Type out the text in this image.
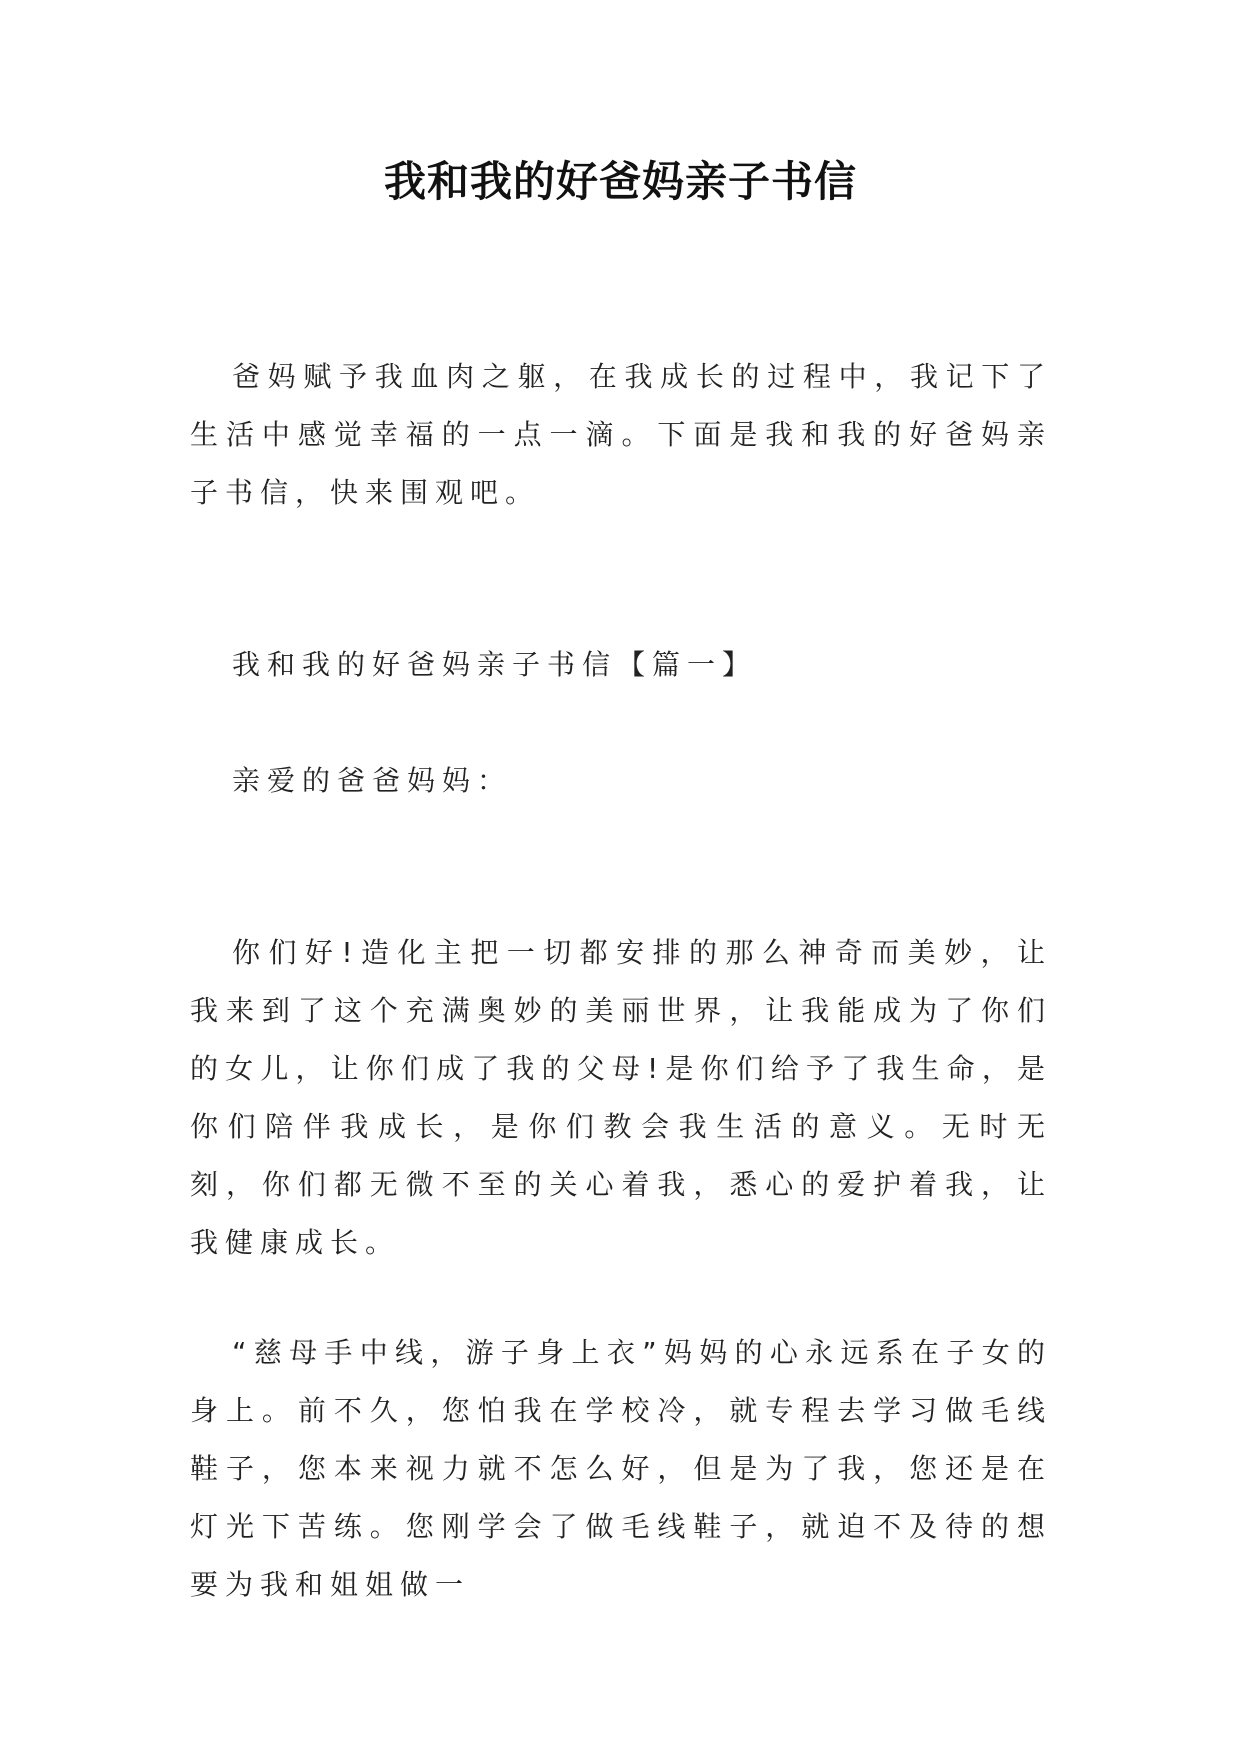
我和我的好爸妈亲子书信

爸妈赋予我血肉之躯，在我成长的过程中，我记下了生活中感觉幸福的一点一滴。下面是我和我的好爸妈亲子书信，快来围观吧。

我和我的好爸妈亲子书信【篇一】

亲爱的爸爸妈妈：

你们好!造化主把一切都安排的那么神奇而美妙，让我来到了这个充满奥妙的美丽世界，让我能成为了你们的女儿，让你们成了我的父母!是你们给予了我生命，是你们陪伴我成长，是你们教会我生活的意义。无时无刻，你们都无微不至的关心着我，悉心的爱护着我，让我健康成长。

“慈母手中线，游子身上衣”妈妈的心永远系在子女的身上。前不久，您怕我在学校冷，就专程去学习做毛线鞋子，您本来视力就不怎么好，但是为了我，您还是在灯光下苦练。您刚学会了做毛线鞋子，就迫不及待的想要为我和姐姐做一
